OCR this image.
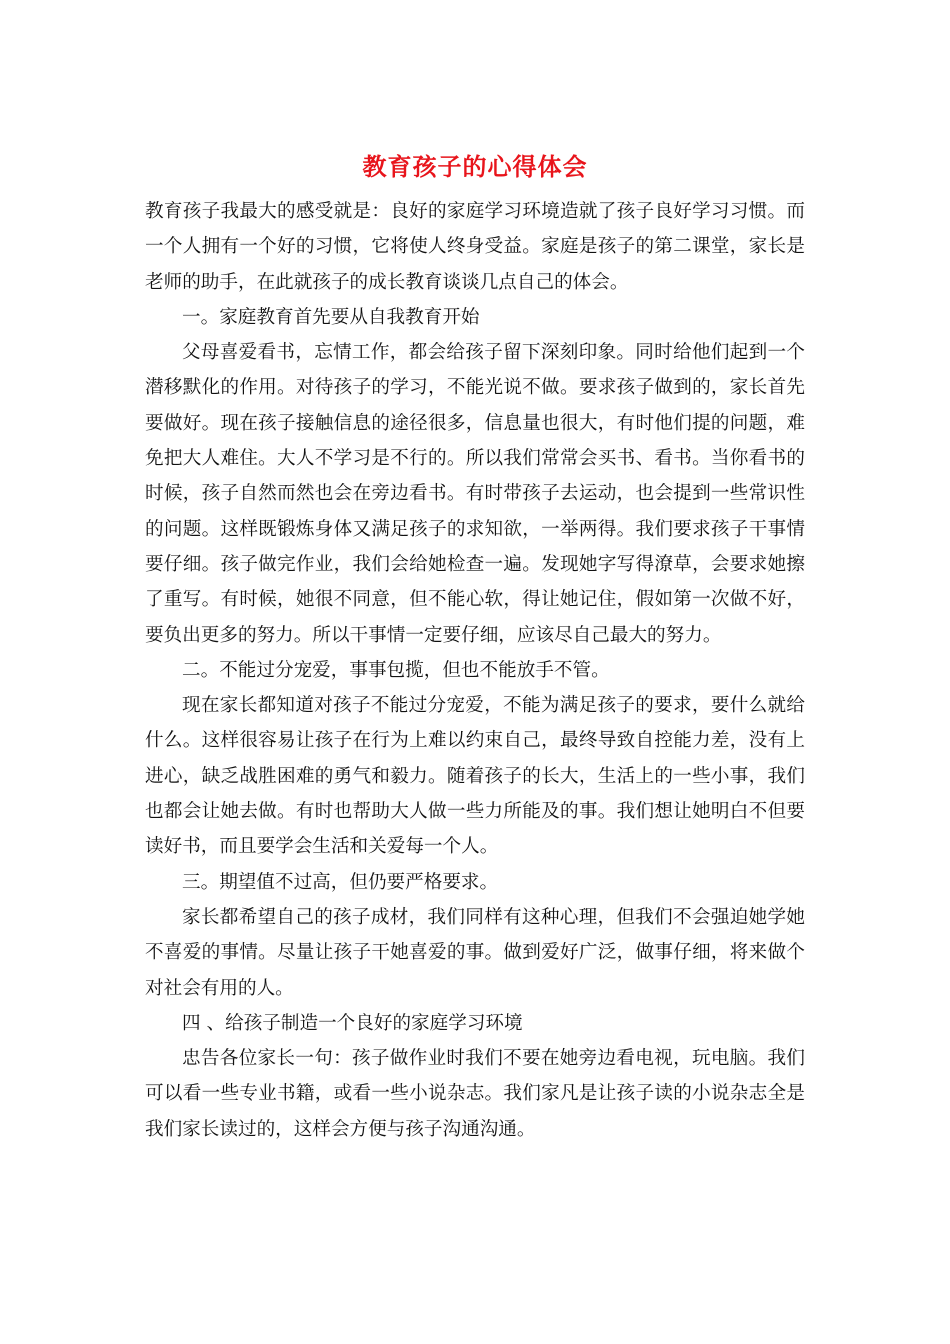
教育孩子的心得体会

教育孩子我最大的感受就是：良好的家庭学习环境造就了孩子良好学习习惯。而一个人拥有一个好的习惯，它将使人终身受益。家庭是孩子的第二课堂，家长是老师的助手，在此就孩子的成长教育谈谈几点自己的体会。

一。家庭教育首先要从自我教育开始

父母喜爱看书，忘情工作，都会给孩子留下深刻印象。同时给他们起到一个潜移默化的作用。对待孩子的学习，不能光说不做。要求孩子做到的，家长首先要做好。现在孩子接触信息的途径很多，信息量也很大，有时他们提的问题，难免把大人难住。大人不学习是不行的。所以我们常常会买书、看书。当你看书的时候，孩子自然而然也会在旁边看书。有时带孩子去运动，也会提到一些常识性的问题。这样既锻炼身体又满足孩子的求知欲，一举两得。我们要求孩子干事情要仔细。孩子做完作业，我们会给她检查一遍。发现她字写得潦草，会要求她擦了重写。有时候，她很不同意，但不能心软，得让她记住，假如第一次做不好，要负出更多的努力。所以干事情一定要仔细，应该尽自己最大的努力。

二。不能过分宠爱，事事包揽，但也不能放手不管。

现在家长都知道对孩子不能过分宠爱，不能为满足孩子的要求，要什么就给什么。这样很容易让孩子在行为上难以约束自己，最终导致自控能力差，没有上进心，缺乏战胜困难的勇气和毅力。随着孩子的长大，生活上的一些小事，我们也都会让她去做。有时也帮助大人做一些力所能及的事。我们想让她明白不但要读好书，而且要学会生活和关爱每一个人。

三。期望值不过高，但仍要严格要求。

家长都希望自己的孩子成材，我们同样有这种心理，但我们不会强迫她学她不喜爱的事情。尽量让孩子干她喜爱的事。做到爱好广泛，做事仔细，将来做个对社会有用的人。

四 、给孩子制造一个良好的家庭学习环境

忠告各位家长一句：孩子做作业时我们不要在她旁边看电视，玩电脑。我们可以看一些专业书籍，或看一些小说杂志。我们家凡是让孩子读的小说杂志全是我们家长读过的，这样会方便与孩子沟通沟通。
